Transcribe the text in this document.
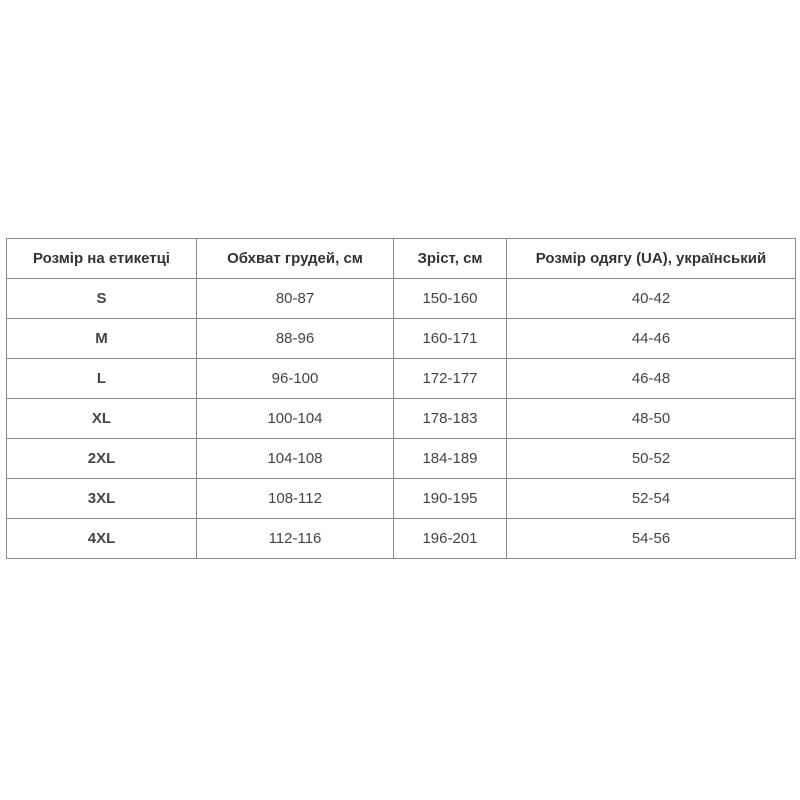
Розмір на етикетці	Обхват грудей, см	Зріст, см	Розмір одягу (UA), український
S	80-87	150-160	40-42
M	88-96	160-171	44-46
L	96-100	172-177	46-48
XL	100-104	178-183	48-50
2XL	104-108	184-189	50-52
3XL	108-112	190-195	52-54
4XL	112-116	196-201	54-56
